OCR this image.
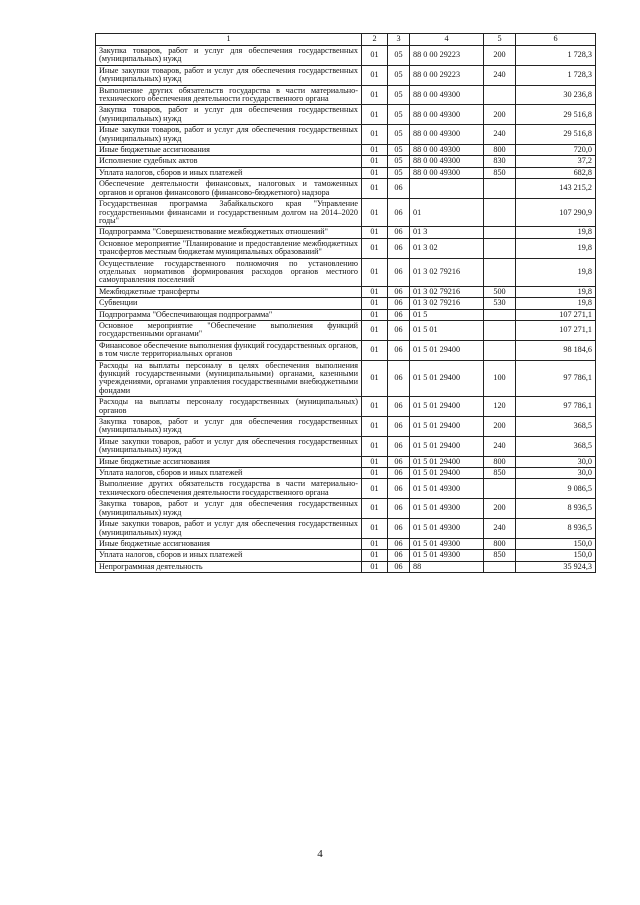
1	2	3	4	5	6
Закупка товаров, работ и услуг для обеспечения государственных (муниципальных) нужд	01	05	88 0 00 29223	200	1 728,3
Иные закупки товаров, работ и услуг для обеспечения государственных (муниципальных) нужд	01	05	88 0 00 29223	240	1 728,3
Выполнение других обязательств государства в части материально-технического обеспечения деятельности государственного органа	01	05	88 0 00 49300		30 236,8
Закупка товаров, работ и услуг для обеспечения государственных (муниципальных) нужд	01	05	88 0 00 49300	200	29 516,8
Иные закупки товаров, работ и услуг для обеспечения государственных (муниципальных) нужд	01	05	88 0 00 49300	240	29 516,8
Иные бюджетные ассигнования	01	05	88 0 00 49300	800	720,0
Исполнение судебных актов	01	05	88 0 00 49300	830	37,2
Уплата налогов, сборов и иных платежей	01	05	88 0 00 49300	850	682,8
Обеспечение деятельности финансовых, налоговых и таможенных органов и органов финансового (финансово-бюджетного) надзора	01	06			143 215,2
Государственная программа Забайкальского края "Управление государственными финансами и государственным долгом на 2014–2020 годы"	01	06	01		107 290,9
Подпрограмма "Совершенствование межбюджетных отношений"	01	06	01 3		19,8
Основное мероприятие "Планирование и предоставление межбюджетных трансфертов местным бюджетам муниципальных образований"	01	06	01 3 02		19,8
Осуществление государственного полномочия по установлению отдельных нормативов формирования расходов органов местного самоуправления поселений	01	06	01 3 02 79216		19,8
Межбюджетные трансферты	01	06	01 3 02 79216	500	19,8
Субвенции	01	06	01 3 02 79216	530	19,8
Подпрограмма "Обеспечивающая подпрограмма"	01	06	01 5		107 271,1
Основное мероприятие "Обеспечение выполнения функций государственными органами"	01	06	01 5 01		107 271,1
Финансовое обеспечение выполнения функций государственных органов, в том числе территориальных органов	01	06	01 5 01 29400		98 184,6
Расходы на выплаты персоналу в целях обеспечения выполнения функций государственными (муниципальными) органами, казенными учреждениями, органами управления государственными внебюджетными фондами	01	06	01 5 01 29400	100	97 786,1
Расходы на выплаты персоналу государственных (муниципальных) органов	01	06	01 5 01 29400	120	97 786,1
Закупка товаров, работ и услуг для обеспечения государственных (муниципальных) нужд	01	06	01 5 01 29400	200	368,5
Иные закупки товаров, работ и услуг для обеспечения государственных (муниципальных) нужд	01	06	01 5 01 29400	240	368,5
Иные бюджетные ассигнования	01	06	01 5 01 29400	800	30,0
Уплата налогов, сборов и иных платежей	01	06	01 5 01 29400	850	30,0
Выполнение других обязательств государства в части материально-технического обеспечения деятельности государственного органа	01	06	01 5 01 49300		9 086,5
Закупка товаров, работ и услуг для обеспечения государственных (муниципальных) нужд	01	06	01 5 01 49300	200	8 936,5
Иные закупки товаров, работ и услуг для обеспечения государственных (муниципальных) нужд	01	06	01 5 01 49300	240	8 936,5
Иные бюджетные ассигнования	01	06	01 5 01 49300	800	150,0
Уплата налогов, сборов и иных платежей	01	06	01 5 01 49300	850	150,0
Непрограммная деятельность	01	06	88		35 924,3
4
